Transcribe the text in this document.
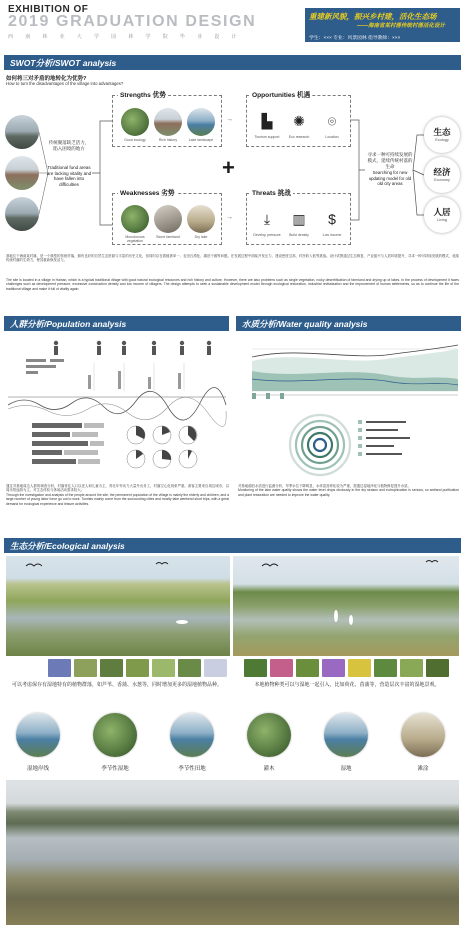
EXHIBITION OF
2019 GRADUATION DESIGN
西 南 林 业 大 学 园 林 学 院 毕 业 设 计
重建新风貌，振兴乡村建，活化生态场
——海南省某村落传统村落活化设计
学生：××× 专业：风景园林 指导教师：×××
SWOT分析/SWOT analysis
如何将三对矛盾的地转化为优势?
How to turn the disadvantages of the village into advantages?
传统聚落缺乏活力，陷入困境的地方
Traditional fund areas are lacking vitality and have fallen into difficulties
Strengths 优势
Good ecology	Rich history	Lake landscape
Opportunities 机遇
▙	✺	⌾
Tourism support	Eco research	Location
→
→
+
Weaknesses 劣势
Monotonous vegetation
Stone farmland	Dry lake
Threats 挑战
⤓	▥	$
Develop pressure	Build density	Low income
寻求一种可持续发展的模式，延续传统村落的生命
Searching for new updating model for old old city areas
生态
Ecology
经济
Economy
人居
Living
基地位于海南某村落，是一个典型的传统村落，拥有良好的自然生态资源与丰富的历史文化，但同时存在着植被单一、农田石漠化、湖泊干涸等问题。在发展过程中面临开发压力、建设密度过高、村民收入低等挑战。设计试图通过生态修复、产业振兴与人居环境提升，寻求一种可持续发展的模式，延续传统村落的生命力，使其重新焕发活力。
The site is located in a village in Hainan, which is a typical traditional village with good natural ecological resources and rich history and culture. However, there are also problems such as single vegetation, rocky desertification of farmland and drying up of lakes. In the process of development it faces challenges such as development pressure, excessive construction density and low income of villagers. The design attempts to seek a sustainable development model through ecological restoration, industrial revitalization and the improvement of human settlements, so as to continue the life of the traditional village and make it full of vitality again.
人群分析/Population analysis
通过对基地周边人群的调查分析，村落常住人口以老人和儿童为主，青壮年劳动力大量外出务工，村落空心化现象严重。游客主要来自周边城市，以周末短途游为主，对生态体验与休闲活动需求较大。
Through the investigation and analysis of the people around the site, the permanent population of the village is mainly the elderly and children, and a large number of young labor force go out to work. Tourists mainly come from the surrounding cities and mostly take weekend short trips, with a great demand for ecological experience and leisure activities.
水质分析/Water quality analysis
对基地湖泊水质进行监测分析，旱季水位下降明显，水体富营养化较为严重，需通过湿地净化与植物修复提升水质。
Monitoring of the lake water quality shows the water level drops obviously in the dry season and eutrophication is serious, so wetland purification and plant restoration are needed to improve the water quality.
生态分析/Ecological analysis
可以考虑保存有湿地特有的植物群落，如芦苇、香蒲、水葱等，同时增加更多的湿地植物品种。	本地植物种类可以与湿地一起引入，比如荷花、菖蒲等，营造层次丰富的湿地景观。
湿地岸线	季节性湿地	季节性田地	灌木	湿地	滩涂
